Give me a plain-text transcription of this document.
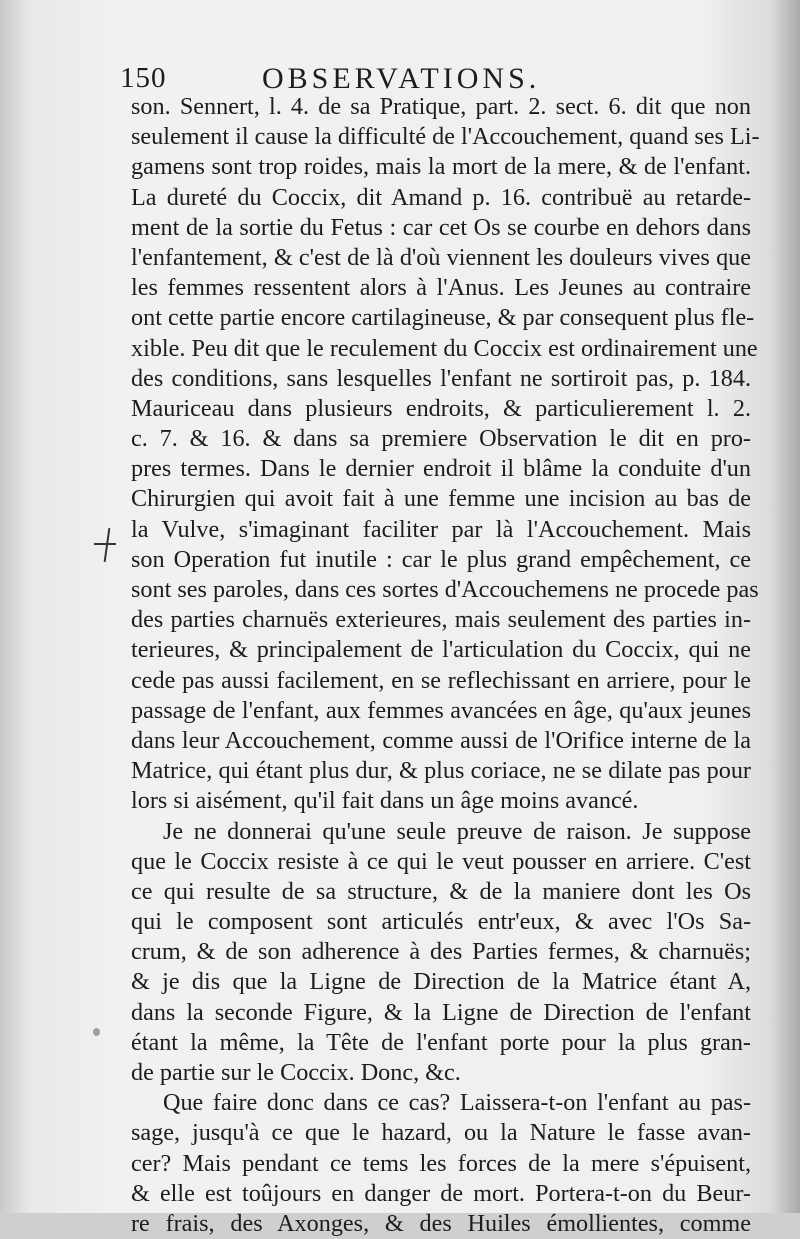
150	OBSERVATIONS.
son. Sennert, l. 4. de sa Pratique, part. 2. sect. 6. dit que non
seulement il cause la difficulté de l'Accouchement, quand ses Li-
gamens sont trop roides, mais la mort de la mere, & de l'enfant.
La dureté du Coccix, dit Amand p. 16. contribuë au retarde-
ment de la sortie du Fetus : car cet Os se courbe en dehors dans
l'enfantement, & c'est de là d'où viennent les douleurs vives que
les femmes ressentent alors à l'Anus. Les Jeunes au contraire
ont cette partie encore cartilagineuse, & par consequent plus fle-
xible. Peu dit que le reculement du Coccix est ordinairement une
des conditions, sans lesquelles l'enfant ne sortiroit pas, p. 184.
Mauriceau dans plusieurs endroits, & particulierement l. 2.
c. 7. & 16. & dans sa premiere Observation le dit en pro-
pres termes. Dans le dernier endroit il blâme la conduite d'un
Chirurgien qui avoit fait à une femme une incision au bas de
la Vulve, s'imaginant faciliter par là l'Accouchement. Mais
son Operation fut inutile : car le plus grand empêchement, ce
sont ses paroles, dans ces sortes d'Accouchemens ne procede pas
des parties charnuës exterieures, mais seulement des parties in-
terieures, & principalement de l'articulation du Coccix, qui ne
cede pas aussi facilement, en se reflechissant en arriere, pour le
passage de l'enfant, aux femmes avancées en âge, qu'aux jeunes
dans leur Accouchement, comme aussi de l'Orifice interne de la
Matrice, qui étant plus dur, & plus coriace, ne se dilate pas pour
lors si aisément, qu'il fait dans un âge moins avancé.
Je ne donnerai qu'une seule preuve de raison. Je suppose
que le Coccix resiste à ce qui le veut pousser en arriere. C'est
ce qui resulte de sa structure, & de la maniere dont les Os
qui le composent sont articulés entr'eux, & avec l'Os Sa-
crum, & de son adherence à des Parties fermes, & charnuës;
& je dis que la Ligne de Direction de la Matrice étant A,
dans la seconde Figure, & la Ligne de Direction de l'enfant
étant la même, la Tête de l'enfant porte pour la plus gran-
de partie sur le Coccix. Donc, &c.
Que faire donc dans ce cas? Laissera-t-on l'enfant au pas-
sage, jusqu'à ce que le hazard, ou la Nature le fasse avan-
cer? Mais pendant ce tems les forces de la mere s'épuisent,
& elle est toûjours en danger de mort. Portera-t-on du Beur-
re frais, des Axonges, & des Huiles émollientes, comme
